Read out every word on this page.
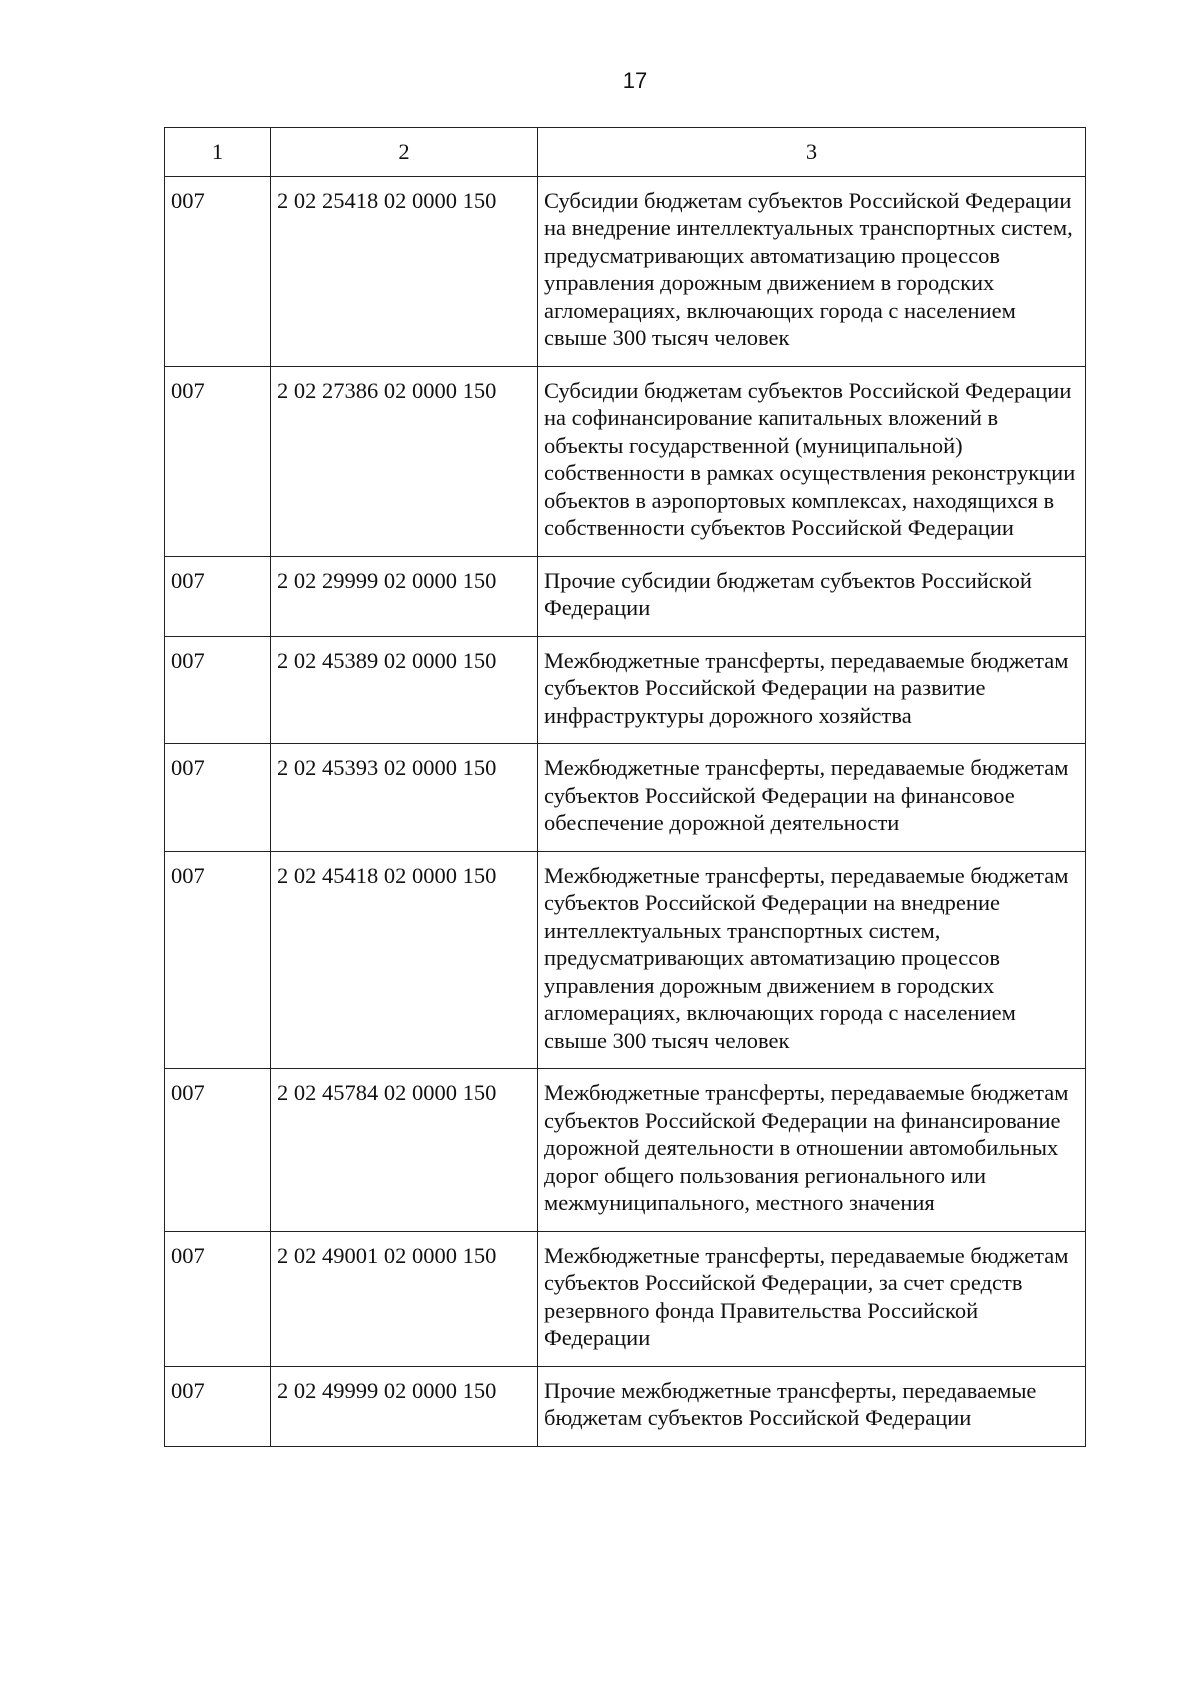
17
1	2	3
007	2 02 25418 02 0000 150	Субсидии бюджетам субъектов Российской Федерации на внедрение интеллектуальных транспортных систем, предусматривающих автоматизацию процессов управления дорожным движением в городских агломерациях, включающих города с населением свыше 300 тысяч человек
007	2 02 27386 02 0000 150	Субсидии бюджетам субъектов Российской Федерации на софинансирование капитальных вложений в объекты государственной (муниципальной) собственности в рамках осуществления реконструкции объектов в аэропортовых комплексах, находящихся в собственности субъектов Российской Федерации
007	2 02 29999 02 0000 150	Прочие субсидии бюджетам субъектов Российской Федерации
007	2 02 45389 02 0000 150	Межбюджетные трансферты, передаваемые бюджетам субъектов Российской Федерации на развитие инфраструктуры дорожного хозяйства
007	2 02 45393 02 0000 150	Межбюджетные трансферты, передаваемые бюджетам субъектов Российской Федерации на финансовое обеспечение дорожной деятельности
007	2 02 45418 02 0000 150	Межбюджетные трансферты, передаваемые бюджетам субъектов Российской Федерации на внедрение интеллектуальных транспортных систем, предусматривающих автоматизацию процессов управления дорожным движением в городских агломерациях, включающих города с населением свыше 300 тысяч человек
007	2 02 45784 02 0000 150	Межбюджетные трансферты, передаваемые бюджетам субъектов Российской Федерации на финансирование дорожной деятельности в отношении автомобильных дорог общего пользования регионального или межмуниципального, местного значения
007	2 02 49001 02 0000 150	Межбюджетные трансферты, передаваемые бюджетам субъектов Российской Федерации, за счет средств резервного фонда Правительства Российской Федерации
007	2 02 49999 02 0000 150	Прочие межбюджетные трансферты, передаваемые бюджетам субъектов Российской Федерации
